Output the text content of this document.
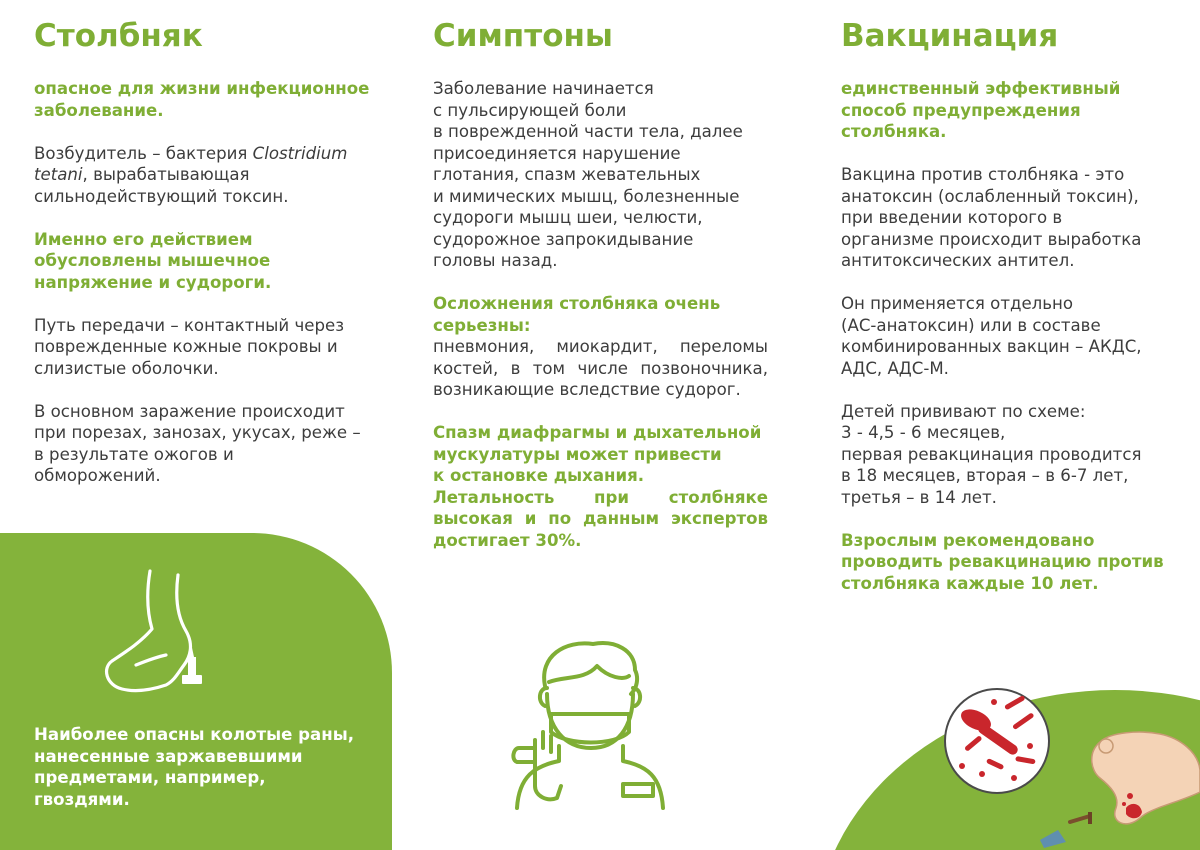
Столбняк

опасное для жизни инфекционное
заболевание.

Возбудитель – бактерия Clostridium
tetani, вырабатывающая
сильнодействующий токсин.

Именно его действием
обусловлены мышечное
напряжение и судороги.

Путь передачи – контактный через
поврежденные кожные покровы и
слизистые оболочки.

В основном заражение происходит
при порезах, занозах, укусах, реже –
в результате ожогов и
обморожений.

Симптоны

Заболевание начинается
с пульсирующей боли
в поврежденной части тела, далее
присоединяется нарушение
глотания, спазм жевательных
и мимических мышц, болезненные
судороги мышц шеи, челюсти,
судорожное запрокидывание
головы назад.

Осложнения столбняка очень
серьезны:

пневмония, миокардит, переломы костей, в том числе позвоночника, возникающие вследствие судорог.

Спазм диафрагмы и дыхательной
мускулатуры может привести
к остановке дыхания.

Летальность при столбняке
высокая и по данным экспертов
достигает 30%.

Вакцинация

единственный эффективный
способ предупреждения
столбняка.

Вакцина против столбняка - это
анатоксин (ослабленный токсин),
при введении которого в
организме происходит выработка
антитоксических антител.

Он применяется отдельно
(АС-анатоксин) или в составе
комбинированных вакцин – АКДС,
АДС, АДС-М.

Детей прививают по схеме:
3 - 4,5 - 6 месяцев,
первая ревакцинация проводится
в 18 месяцев, вторая – в 6-7 лет,
третья – в 14 лет.

Взрослым рекомендовано
проводить ревакцинацию против
столбняка каждые 10 лет.

Наиболее опасны колотые раны,
нанесенные заржавевшими
предметами, например,
гвоздями.
